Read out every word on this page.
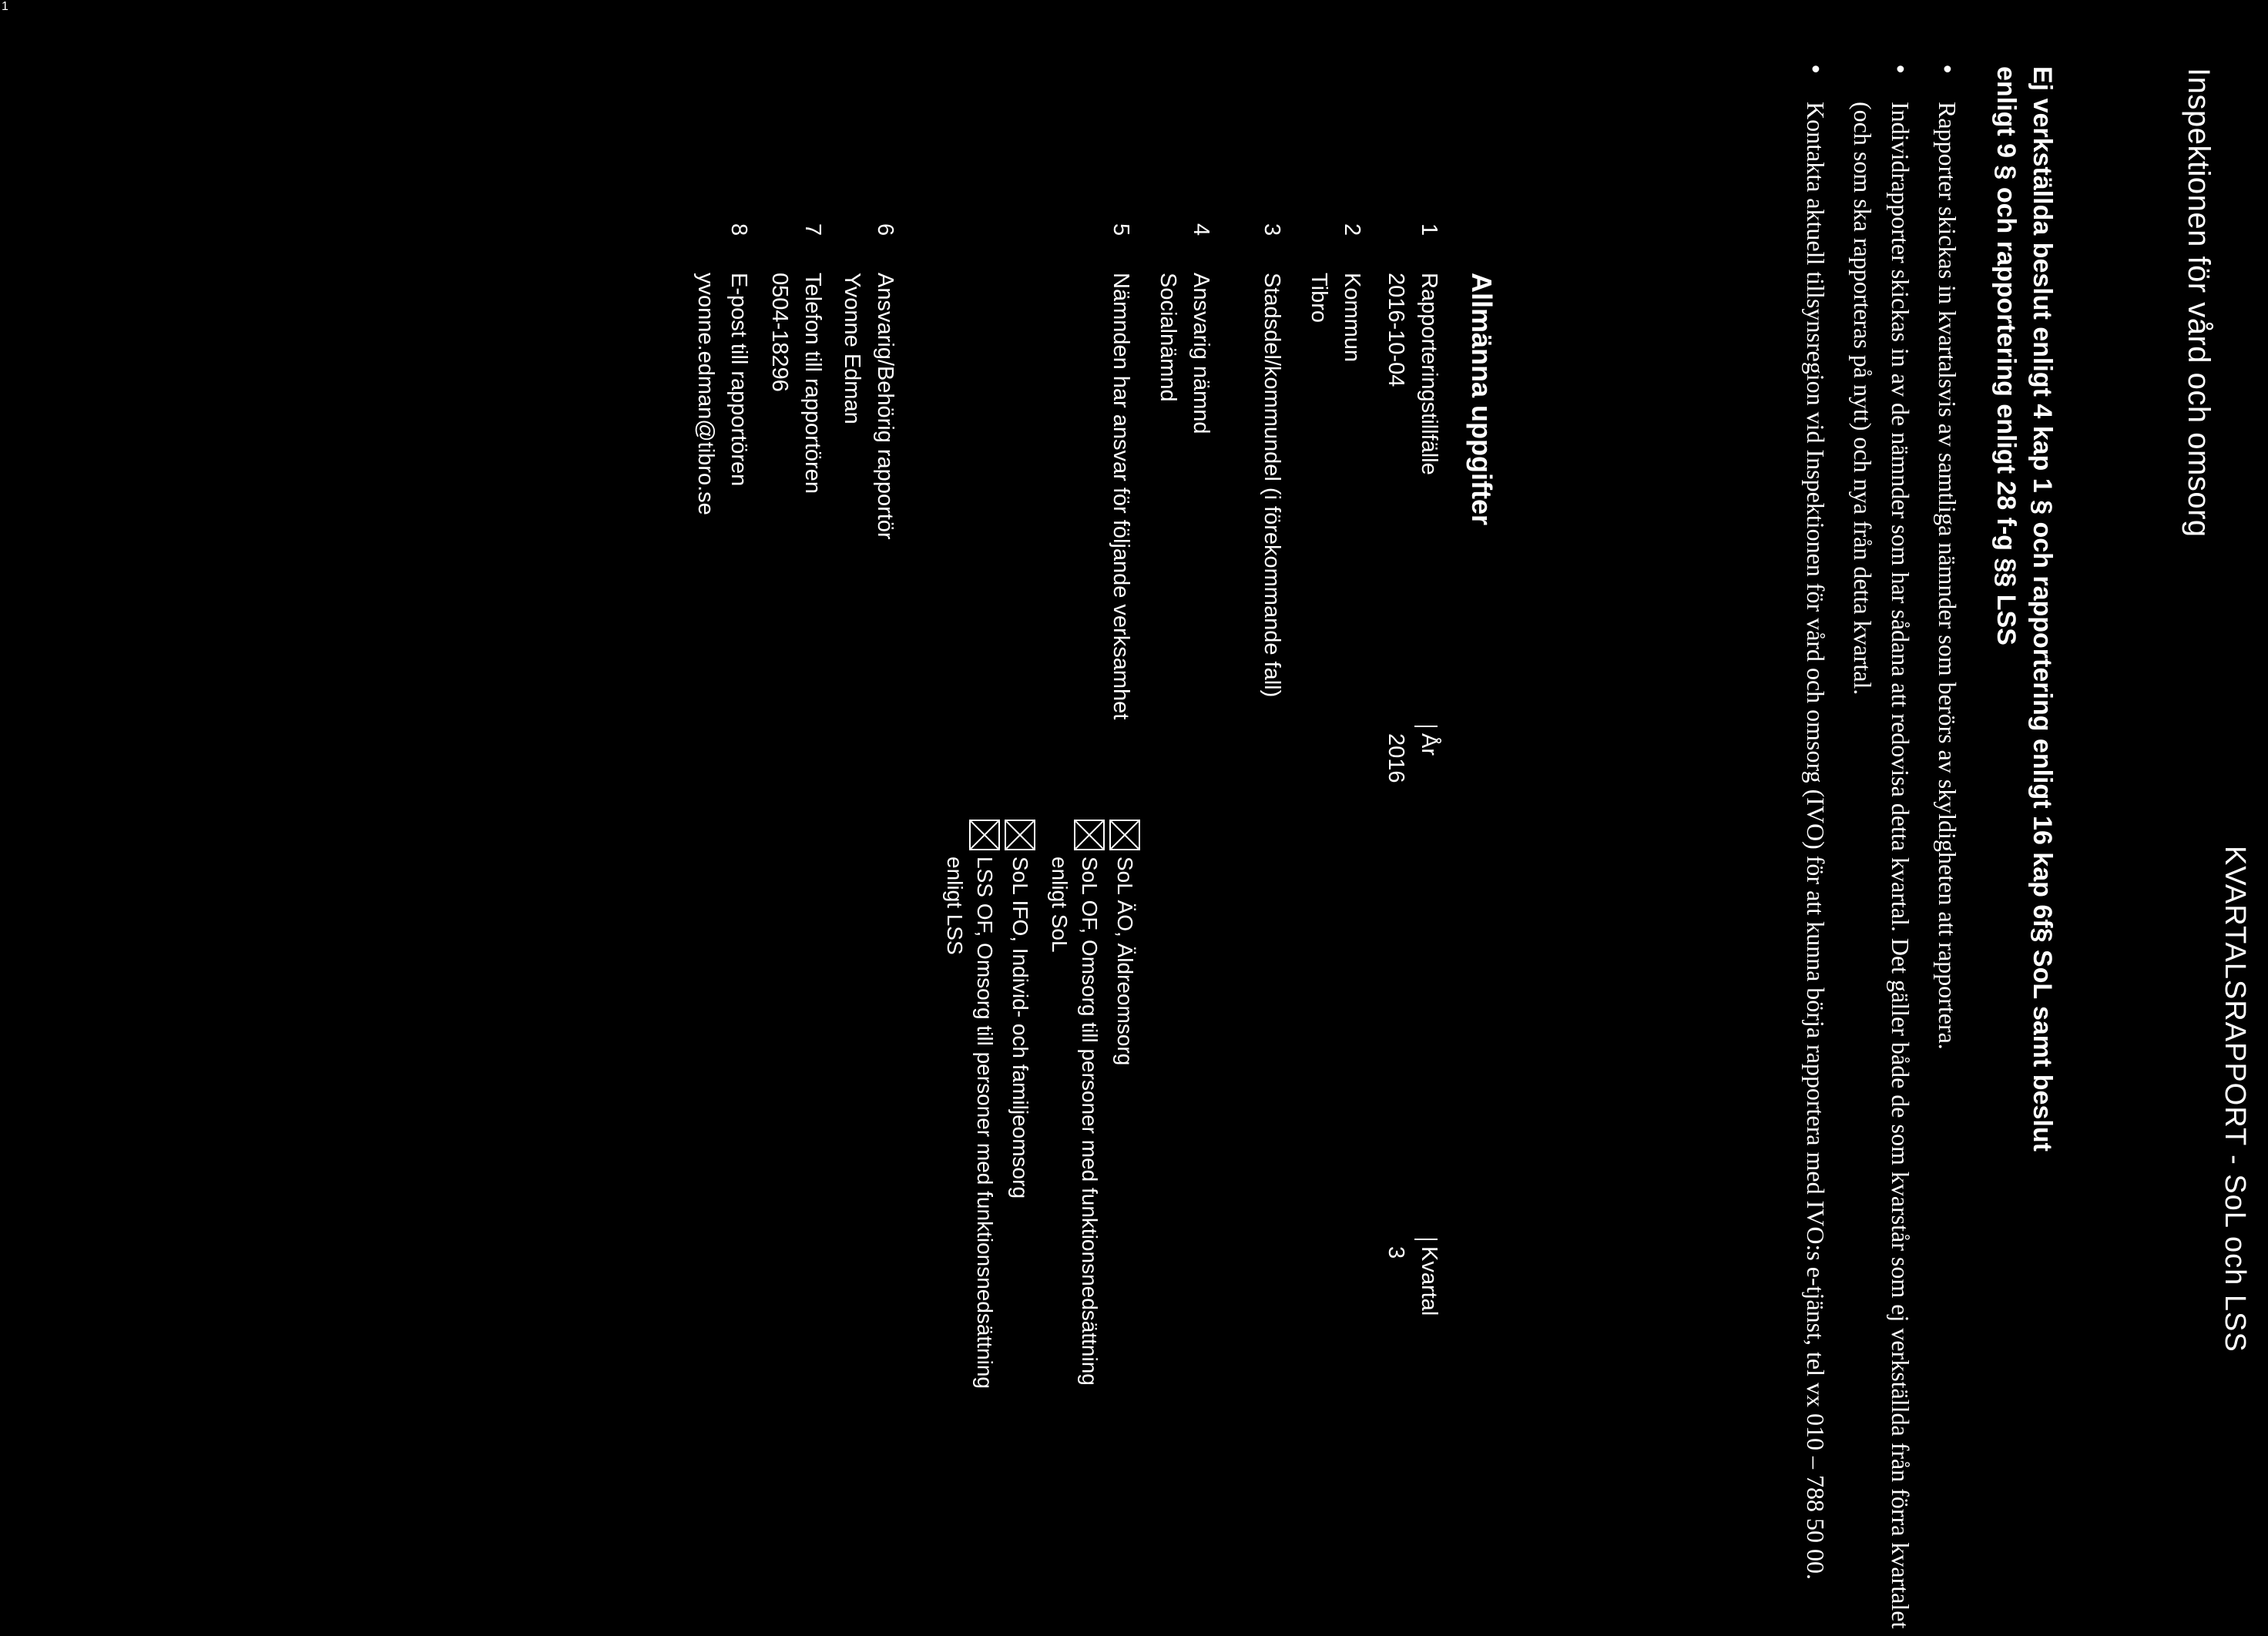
1
Inspektionen för vård och omsorg
KVARTALSRAPPORT - SoL och LSS
Ej verkställda beslut enligt 4 kap 1 § och rapportering enligt 16 kap 6f§ SoL samt beslut
enligt 9 § och rapportering enligt 28 f-g §§ LSS
• Rapporter skickas in kvartalsvis av samtliga nämnder som berörs av skyldigheten att rapportera.
• Individrapporter skickas in av de nämnder som har sådana att redovisa detta kvartal. Det gäller både de som kvarstår som ej verkställda från förra kvartalet (och som ska rapporteras på nytt) och nya från detta kvartal.
• Kontakta aktuell tillsynsregion vid Inspektionen för vård och omsorg (IVO) för att kunna börja rapportera med IVO:s e-tjänst, tel vx 010 – 788 50 00.
Allmänna uppgifter
1
Rapporteringstillfälle
2016-10-04
År
2016
Kvartal
3
2
Kommun
Tibro
3
Stadsdel/kommundel (i förekommande fall)
4
Ansvarig nämnd
Socialnämnd
5
Nämnden har ansvar för följande verksamhet
SoL ÄO, Äldreomsorg
SoL OF, Omsorg till personer med funktionsnedsättning
enligt SoL
SoL IFO, Individ- och familjeomsorg
LSS OF, Omsorg till personer med funktionsnedsättning
enligt LSS
6
Ansvarig/Behörig rapportör
Yvonne Edman
7
Telefon till rapportören
0504-18296
8
E-post till rapportören
yvonne.edman@tibro.se
